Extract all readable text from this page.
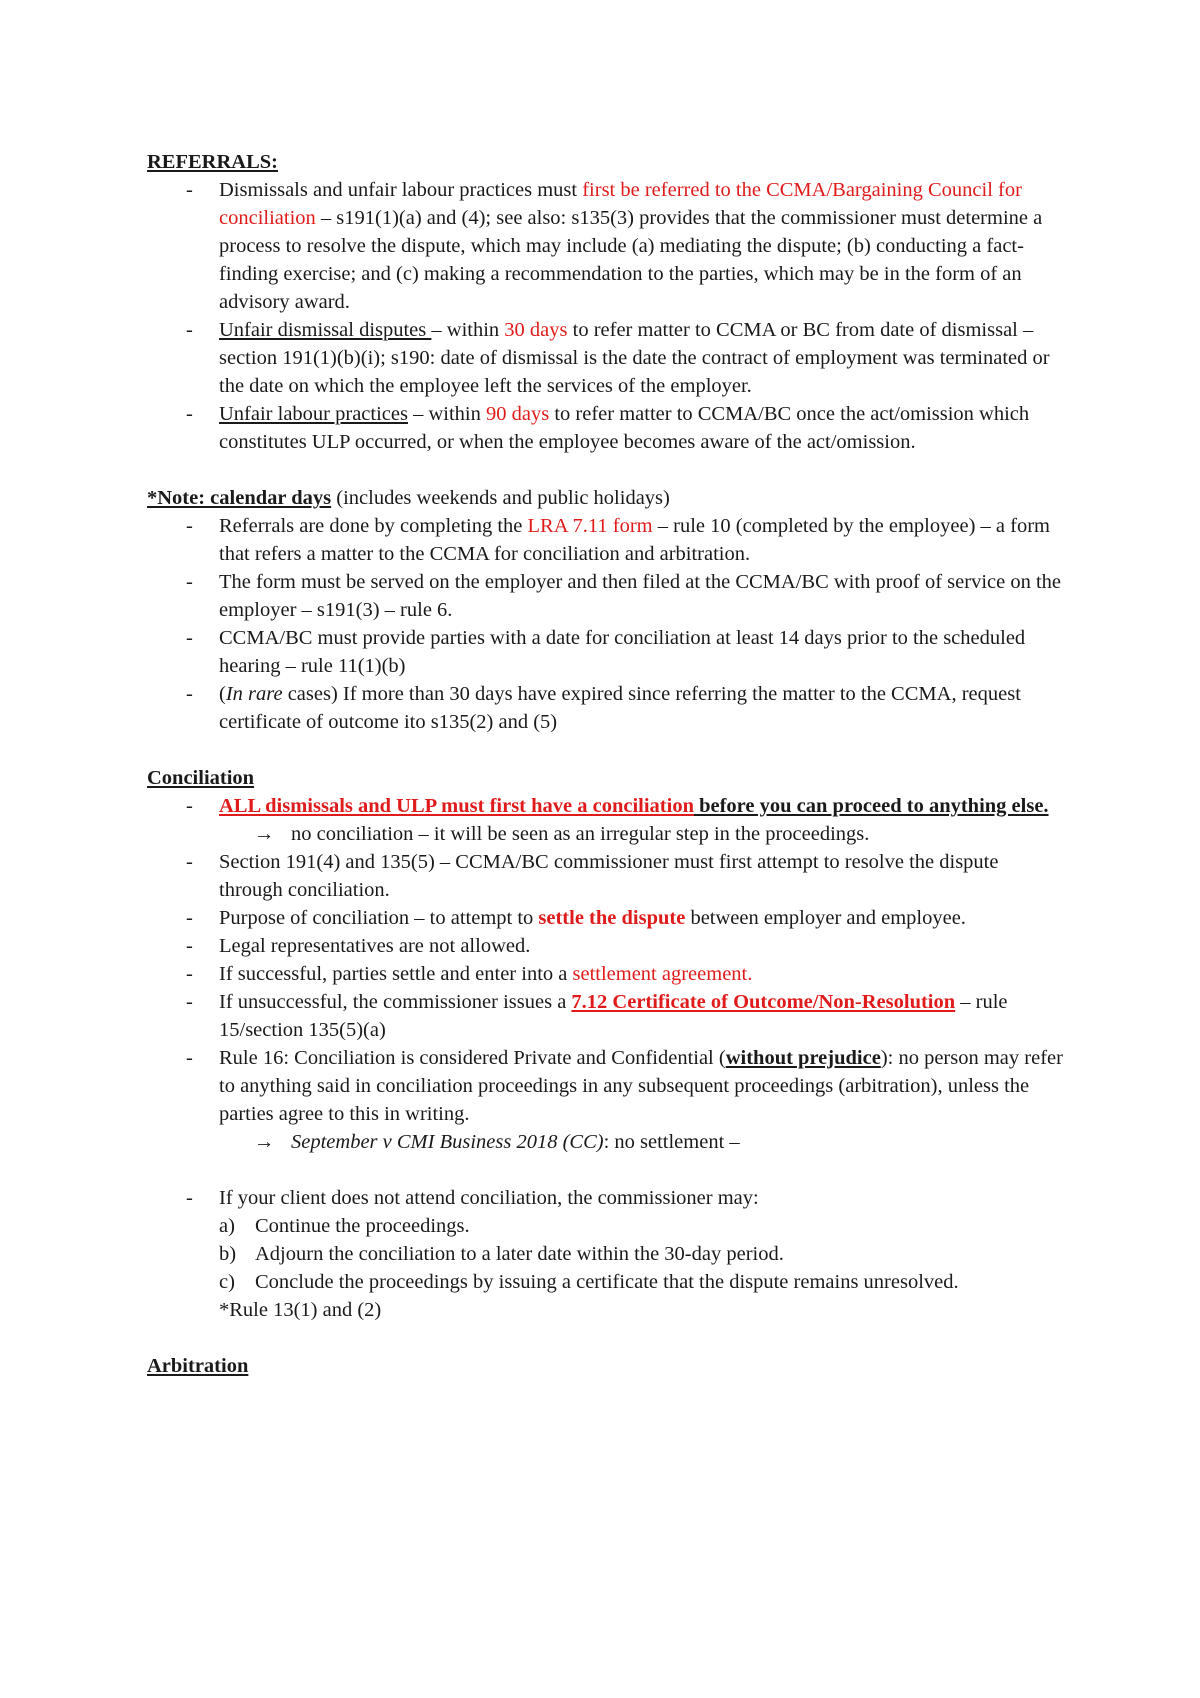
REFERRALS:
- Dismissals and unfair labour practices must first be referred to the CCMA/Bargaining Council for conciliation – s191(1)(a) and (4); see also: s135(3) provides that the commissioner must determine a process to resolve the dispute, which may include (a) mediating the dispute; (b) conducting a fact-finding exercise; and (c) making a recommendation to the parties, which may be in the form of an advisory award.
- Unfair dismissal disputes – within 30 days to refer matter to CCMA or BC from date of dismissal – section 191(1)(b)(i); s190: date of dismissal is the date the contract of employment was terminated or the date on which the employee left the services of the employer.
- Unfair labour practices – within 90 days to refer matter to CCMA/BC once the act/omission which constitutes ULP occurred, or when the employee becomes aware of the act/omission.
*Note: calendar days (includes weekends and public holidays)
- Referrals are done by completing the LRA 7.11 form – rule 10 (completed by the employee) – a form that refers a matter to the CCMA for conciliation and arbitration.
- The form must be served on the employer and then filed at the CCMA/BC with proof of service on the employer – s191(3) – rule 6.
- CCMA/BC must provide parties with a date for conciliation at least 14 days prior to the scheduled hearing – rule 11(1)(b)
- (In rare cases) If more than 30 days have expired since referring the matter to the CCMA, request certificate of outcome ito s135(2) and (5)
Conciliation
- ALL dismissals and ULP must first have a conciliation before you can proceed to anything else.
→ no conciliation – it will be seen as an irregular step in the proceedings.
- Section 191(4) and 135(5) – CCMA/BC commissioner must first attempt to resolve the dispute through conciliation.
- Purpose of conciliation – to attempt to settle the dispute between employer and employee.
- Legal representatives are not allowed.
- If successful, parties settle and enter into a settlement agreement.
- If unsuccessful, the commissioner issues a 7.12 Certificate of Outcome/Non-Resolution – rule 15/section 135(5)(a)
- Rule 16: Conciliation is considered Private and Confidential (without prejudice): no person may refer to anything said in conciliation proceedings in any subsequent proceedings (arbitration), unless the parties agree to this in writing.
→ September v CMI Business 2018 (CC): no settlement –
- If your client does not attend conciliation, the commissioner may:
a) Continue the proceedings.
b) Adjourn the conciliation to a later date within the 30-day period.
c) Conclude the proceedings by issuing a certificate that the dispute remains unresolved.
*Rule 13(1) and (2)
Arbitration
